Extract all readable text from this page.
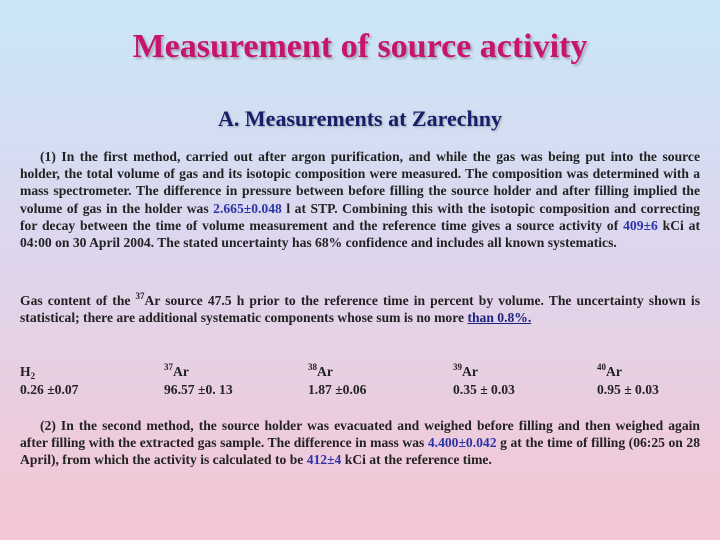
Measurement of source activity
A. Measurements at Zarechny
(1) In the first method, carried out after argon purification, and while the gas was being put into the source holder, the total volume of gas and its isotopic composition were measured. The composition was determined with a mass spectrometer. The difference in pressure between before filling the source holder and after filling implied the volume of gas in the holder was 2.665±0.048 l at STP. Combining this with the isotopic composition and correcting for decay between the time of volume measurement and the reference time gives a source activity of 409±6 kCi at 04:00 on 30 April 2004. The stated uncertainty has 68% confidence and includes all known systematics.
Gas content of the $^{37}$Ar source 47.5 h prior to the reference time in percent by volume. The uncertainty shown is statistical; there are additional systematic components whose sum is no more than 0.8%.
$H_2$
0.26 ±0.07
$^{37}$Ar
96.57 ±0. 13
$^{38}$Ar
1.87 ±0.06
$^{39}$Ar
0.35 ± 0.03
$^{40}$Ar
0.95 ± 0.03
(2) In the second method, the source holder was evacuated and weighed before filling and then weighed again after filling with the extracted gas sample. The difference in mass was 4.400±0.042 g at the time of filling (06:25 on 28 April), from which the activity is calculated to be 412±4 kCi at the reference time.
